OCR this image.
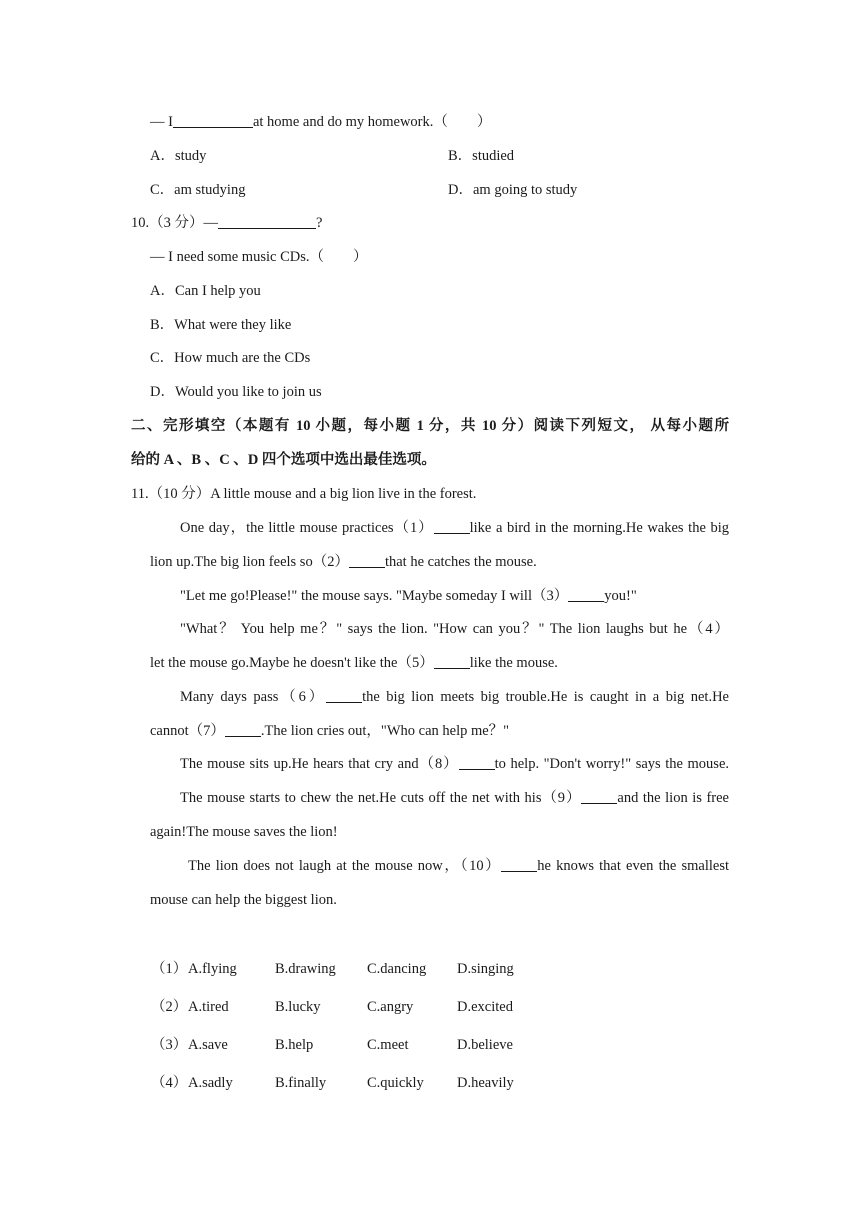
— I	at home and do my homework.（　　）
A．study	B．studied
C．am studying	D．am going to study
10.（3 分）—	?
— I need some music CDs.（　　）
A．Can I help you
B．What were they like
C．How much are the CDs
D．Would you like to join us
二、完形填空（本题有 10 小题，每小题 1 分，共 10 分）阅读下列短文， 从每小题所
给的 A 、B 、C 、D 四个选项中选出最佳选项。
11.（10 分）A little mouse and a big lion live in the forest.
One day，the little mouse practices（1） like a bird in the morning.He wakes the big
lion up.The big lion feels so（2） that he catches the mouse.
"Let me go!Please!" the mouse says. "Maybe someday I will（3） you!"
"What？ You help me？" says the lion. "How can you？" The lion laughs but he（4）
let the mouse go.Maybe he doesn't like the（5） like the mouse.
Many days pass（6） the big lion meets big trouble.He is caught in a big net.He
cannot（7） .The lion cries out，"Who can help me？"
The mouse sits up.He hears that cry and（8） to help. "Don't worry!" says the mouse.
The mouse starts to chew the net.He cuts off the net with his（9） and the lion is free
again!The mouse saves the lion!
The lion does not laugh at the mouse now，（10） he knows that even the smallest
mouse can help the biggest lion.
（1） A.flying	B.drawing C.dancing D.singing
（2） A.tired	B.lucky	C.angry	D.excited
（3） A.save	B.help	C.meet	D.believe
（4） A.sadly	B.finally	C.quickly D.heavily
